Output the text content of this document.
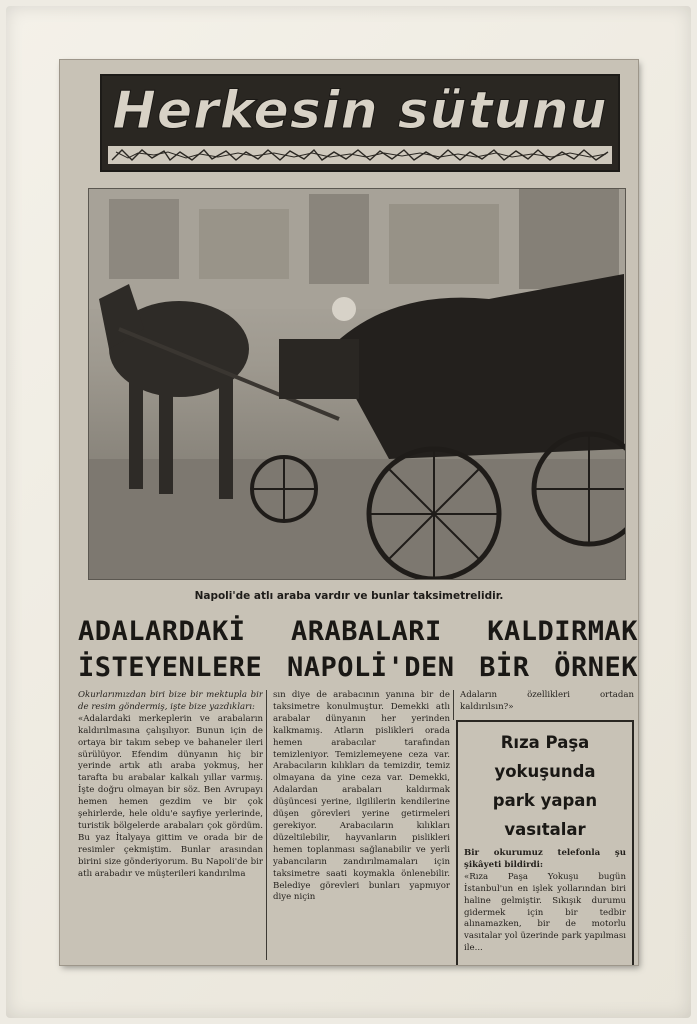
Herkesin sütunu
Napoli'de atlı araba vardır ve bunlar taksimetrelidir.
ADALARDAKİ ARABALARI KALDIRMAK
İSTEYENLERE NAPOLİ'DEN BİR ÖRNEK

Okurlarımızdan biri bize bir mektupla bir de resim göndermiş, işte bize yazdıkları:

«Adalardaki merkeplerin ve arabaların kaldırılmasına çalışılıyor. Bunun için de ortaya bir takım sebep ve bahaneler ileri sürülüyor. Efendim dünyanın hiç bir yerinde artık atlı araba yokmuş, her tarafta bu arabalar kalkalı yıllar varmış. İşte doğru olmayan bir söz. Ben Avrupayı hemen hemen gezdim ve bir çok şehirlerde, hele oldu'e sayfiye yerlerinde, turistik bölgelerde arabaları çok gördüm. Bu yaz İtalyaya gittim ve orada bir de resimler çekmiştim. Bunlar arasından birini size gönderiyorum. Bu Napoli'de bir atlı arabadır ve müşterileri kandırılma

sın diye de arabacının yanına bir de taksimetre konulmuştur. Demekki atlı arabalar dünyanın her yerinden kalkmamış. Atların pislikleri orada hemen arabacılar tarafından temizleniyor. Temizlemeyene ceza var. Arabacıların kılıkları da temizdir, temiz olmayana da yine ceza var. Demekki, Adalardan arabaları kaldırmak düşüncesi yerine, ilgililerin kendilerine düşen görevleri yerine getirmeleri gerekiyor. Arabacıların kılıkları düzeltilebilir, hayvanların pislikleri hemen toplanması sağlanabilir ve yerli yabancıların zandırılmamaları için taksimetre saati koymakla önlenebilir. Belediye görevleri bunları yapmıyor diye niçin

Adaların özellikleri ortadan kaldırılsın?»

Rıza Paşa
yokuşunda
park yapan
vasıtalar

Bir okurumuz telefonla şu şikâyeti bildirdi:

«Rıza Paşa Yokuşu bugün İstanbul'un en işlek yollarından biri haline gelmiştir. Sıkışık durumu gidermek için bir tedbir alınamazken, bir de motorlu vasıtalar yol üzerinde park yapılması ile...
